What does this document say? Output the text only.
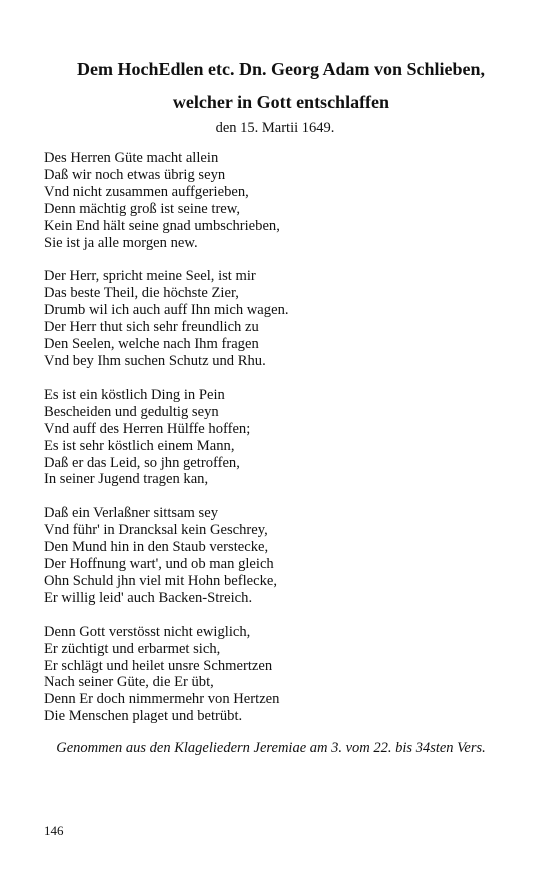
Dem HochEdlen etc. Dn. Georg Adam von Schlieben,
welcher in Gott entschlaffen
den 15. Martii 1649.
Des Herren Güte macht allein
Daß wir noch etwas übrig seyn
Vnd nicht zusammen auffgerieben,
Denn mächtig groß ist seine trew,
Kein End hält seine gnad umbschrieben,
Sie ist ja alle morgen new.
Der Herr, spricht meine Seel, ist mir
Das beste Theil, die höchste Zier,
Drumb wil ich auch auff Ihn mich wagen.
Der Herr thut sich sehr freundlich zu
Den Seelen, welche nach Ihm fragen
Vnd bey Ihm suchen Schutz und Rhu.
Es ist ein köstlich Ding in Pein
Bescheiden und gedultig seyn
Vnd auff des Herren Hülffe hoffen;
Es ist sehr köstlich einem Mann,
Daß er das Leid, so jhn getroffen,
In seiner Jugend tragen kan,
Daß ein Verlaßner sittsam sey
Vnd führ' in Drancksal kein Geschrey,
Den Mund hin in den Staub verstecke,
Der Hoffnung wart', und ob man gleich
Ohn Schuld jhn viel mit Hohn beflecke,
Er willig leid' auch Backen-Streich.
Denn Gott verstösst nicht ewiglich,
Er züchtigt und erbarmet sich,
Er schlägt und heilet unsre Schmertzen
Nach seiner Güte, die Er übt,
Denn Er doch nimmermehr von Hertzen
Die Menschen plaget und betrübt.
Genommen aus den Klageliedern Jeremiae am 3. vom 22. bis 34sten Vers.
146
